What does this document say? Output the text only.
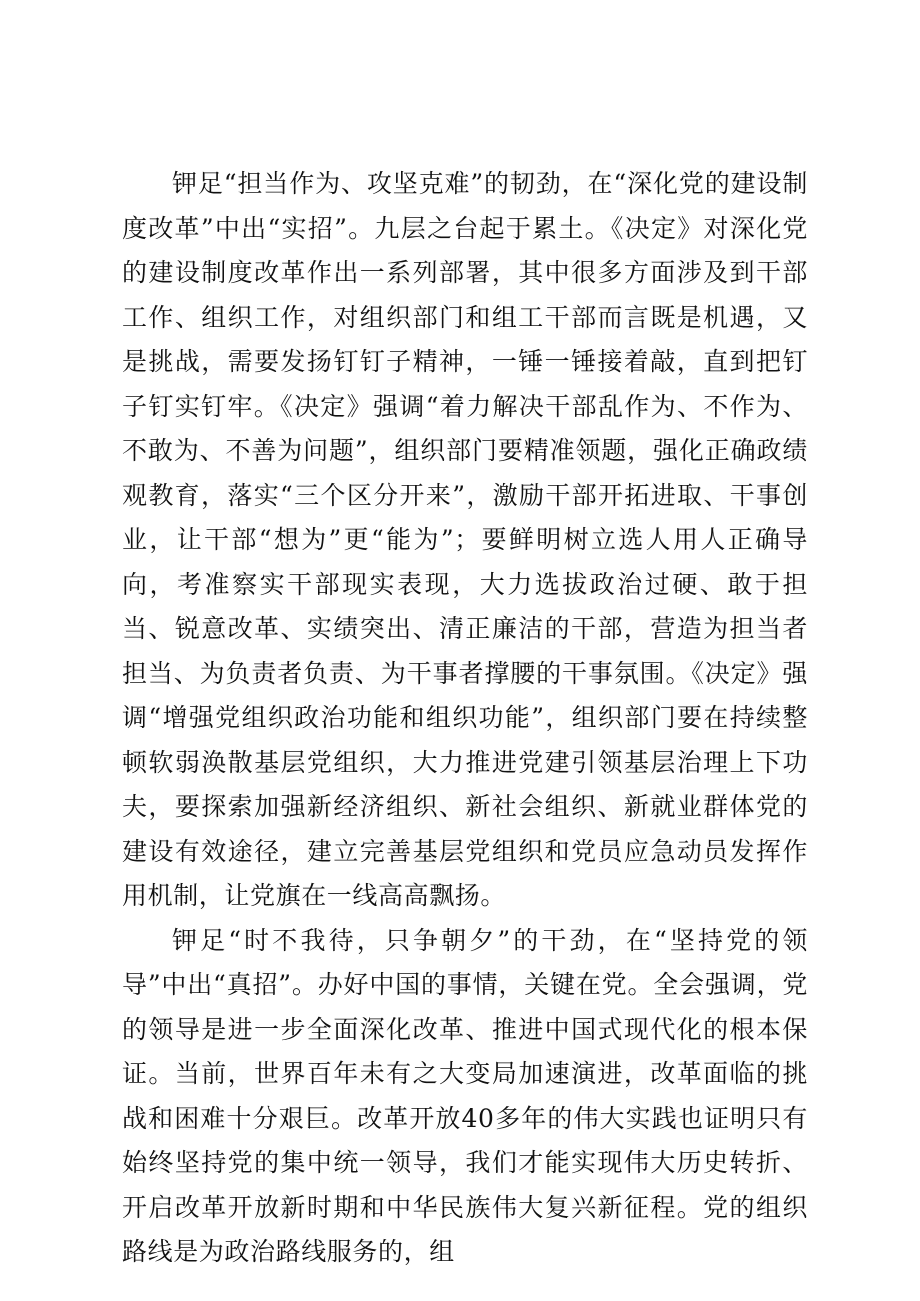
钾足“担当作为、攻坚克难”的韧劲，在“深化党的建设制度改革”中出“实招”。九层之台起于累土。《决定》对深化党的建设制度改革作出一系列部署，其中很多方面涉及到干部工作、组织工作，对组织部门和组工干部而言既是机遇，又是挑战，需要发扬钉钉子精神，一锤一锤接着敲，直到把钉子钉实钉牢。《决定》强调“着力解决干部乱作为、不作为、不敢为、不善为问题”，组织部门要精准领题，强化正确政绩观教育，落实“三个区分开来”，激励干部开拓进取、干事创业，让干部“想为”更“能为”；要鲜明树立选人用人正确导向，考准察实干部现实表现，大力选拔政治过硬、敢于担当、锐意改革、实绩突出、清正廉洁的干部，营造为担当者担当、为负责者负责、为干事者撑腰的干事氛围。《决定》强调“增强党组织政治功能和组织功能”，组织部门要在持续整顿软弱涣散基层党组织，大力推进党建引领基层治理上下功夫，要探索加强新经济组织、新社会组织、新就业群体党的建设有效途径，建立完善基层党组织和党员应急动员发挥作用机制，让党旗在一线高高飘扬。

钾足“时不我待，只争朝夕”的干劲，在“坚持党的领导”中出“真招”。办好中国的事情，关键在党。全会强调，党的领导是进一步全面深化改革、推进中国式现代化的根本保证。当前，世界百年未有之大变局加速演进，改革面临的挑战和困难十分艰巨。改革开放40多年的伟大实践也证明只有始终坚持党的集中统一领导，我们才能实现伟大历史转折、开启改革开放新时期和中华民族伟大复兴新征程。党的组织路线是为政治路线服务的，组
